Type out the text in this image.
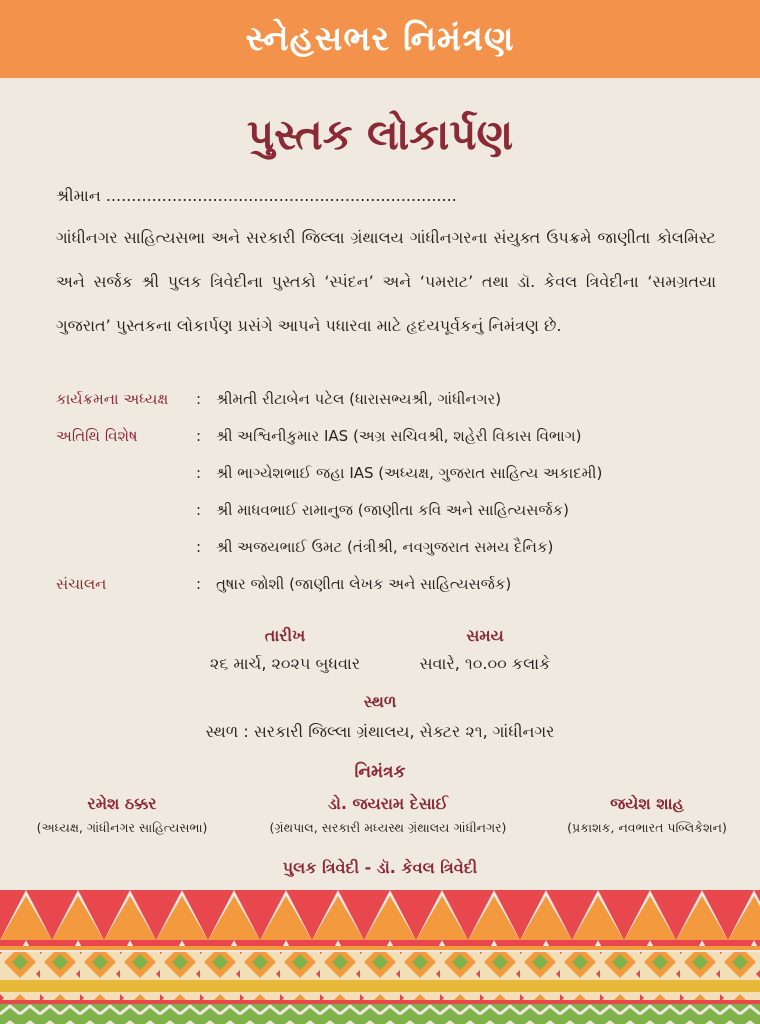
સ્નેહસભર નિમંત્રણ
પુસ્તક લોકાર્પણ
શ્રીમાન .....................................................................
ગાંધીનગર સાહિત્યસભા અને સરકારી જિલ્લા ગ્રંથાલય ગાંધીનગરના સંયુક્ત ઉપક્રમે જાણીતા કોલમિસ્ટ અને સર્જક શ્રી પુલક ત્રિવેદીના પુસ્તકો ‘સ્પંદન’ અને ‘પમરાટ’ તથા ડૉ. કેવલ ત્રિવેદીના ‘સમગ્રતયા ગુજરાત’ પુસ્તકના લોકાર્પણ પ્રસંગે આપને પધારવા માટે હૃદયપૂર્વકનું નિમંત્રણ છે.
કાર્યક્રમના અધ્યક્ષ : શ્રીમતી રીટાબેન પટેલ (ધારાસભ્યશ્રી, ગાંધીનગર)
અતિથિ વિશેષ	: શ્રી અશ્વિનીકુમાર IAS (અગ્ર સચિવશ્રી, શહેરી વિકાસ વિભાગ)
: શ્રી ભાગ્યેશભાઈ જહા IAS (અધ્યક્ષ, ગુજરાત સાહિત્ય અકાદમી)
: શ્રી માધવભાઈ રામાનુજ (જાણીતા કવિ અને સાહિત્યસર્જક)
: શ્રી અજયભાઈ ઉમટ (તંત્રીશ્રી, નવગુજરાત સમય દૈનિક)
સંચાલન	: તુષાર જોશી (જાણીતા લેખક અને સાહિત્યસર્જક)
તારીખ
૨૬ માર્ચ, ૨૦૨૫ બુધવાર
સમય
સવારે, ૧૦.૦૦ કલાકે
સ્થળ
સ્થળ : સરકારી જિલ્લા ગ્રંથાલય, સેક્ટર ૨૧, ગાંધીનગર
નિમંત્રક
રમેશ ઠક્કર
(અધ્યક્ષ, ગાંધીનગર સાહિત્યસભા)
ડો. જયરામ દેસાઈ
(ગ્રંથપાલ, સરકારી મધ્યસ્થ ગ્રંથાલય ગાંધીનગર)
જયેશ શાહ
(પ્રકાશક, નવભારત પબ્લિકેશન)
પુલક ત્રિવેદી - ડૉ. કેવલ ત્રિવેદી
